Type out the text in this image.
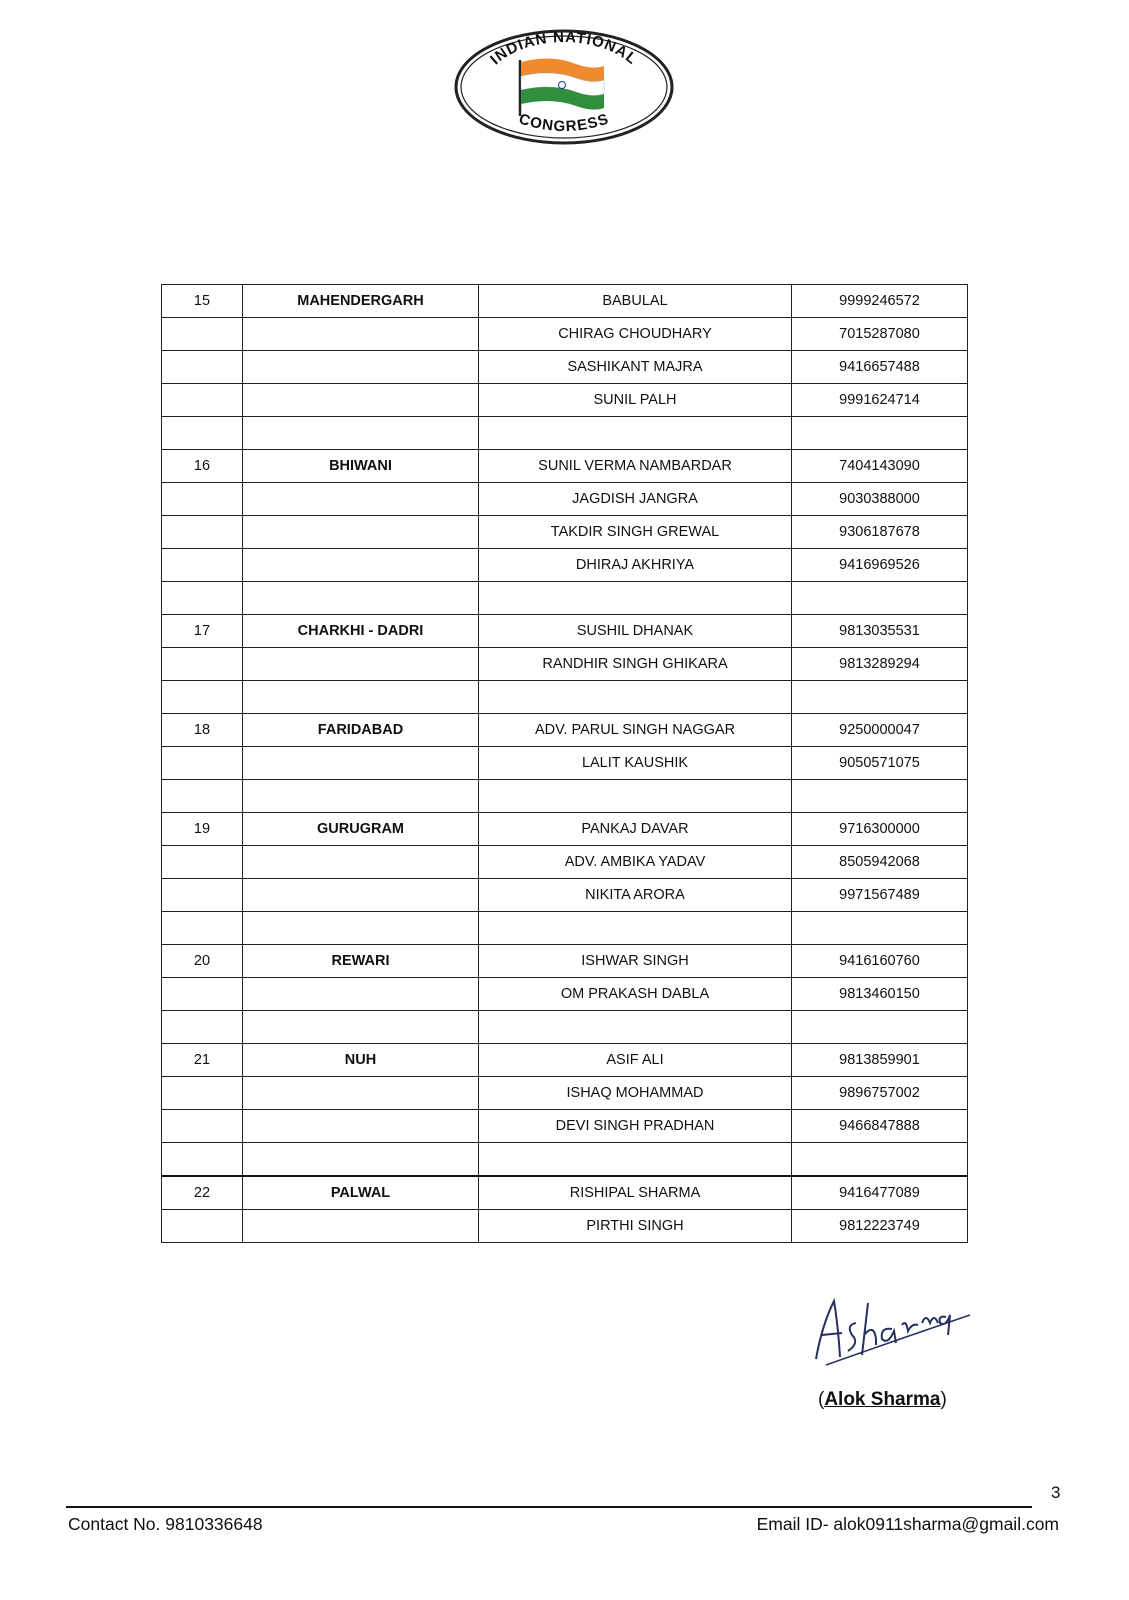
INDIAN NATIONAL
CONGRESS
15	MAHENDERGARH	BABULAL	9999246572
		CHIRAG CHOUDHARY	7015287080
		SASHIKANT MAJRA	9416657488
		SUNIL PALH	9991624714

16	BHIWANI	SUNIL VERMA NAMBARDAR	7404143090
		JAGDISH JANGRA	9030388000
		TAKDIR SINGH GREWAL	9306187678
		DHIRAJ AKHRIYA	9416969526

17	CHARKHI - DADRI	SUSHIL DHANAK	9813035531
		RANDHIR SINGH GHIKARA	9813289294

18	FARIDABAD	ADV. PARUL SINGH NAGGAR	9250000047
		LALIT KAUSHIK	9050571075

19	GURUGRAM	PANKAJ DAVAR	9716300000
		ADV. AMBIKA YADAV	8505942068
		NIKITA ARORA	9971567489

20	REWARI	ISHWAR SINGH	9416160760
		OM PRAKASH DABLA	9813460150

21	NUH	ASIF ALI	9813859901
		ISHAQ MOHAMMAD	9896757002
		DEVI SINGH PRADHAN	9466847888

22	PALWAL	RISHIPAL SHARMA	9416477089
		PIRTHI SINGH	9812223749
(Alok Sharma)
3
Contact No. 9810336648	Email ID- alok0911sharma@gmail.com
